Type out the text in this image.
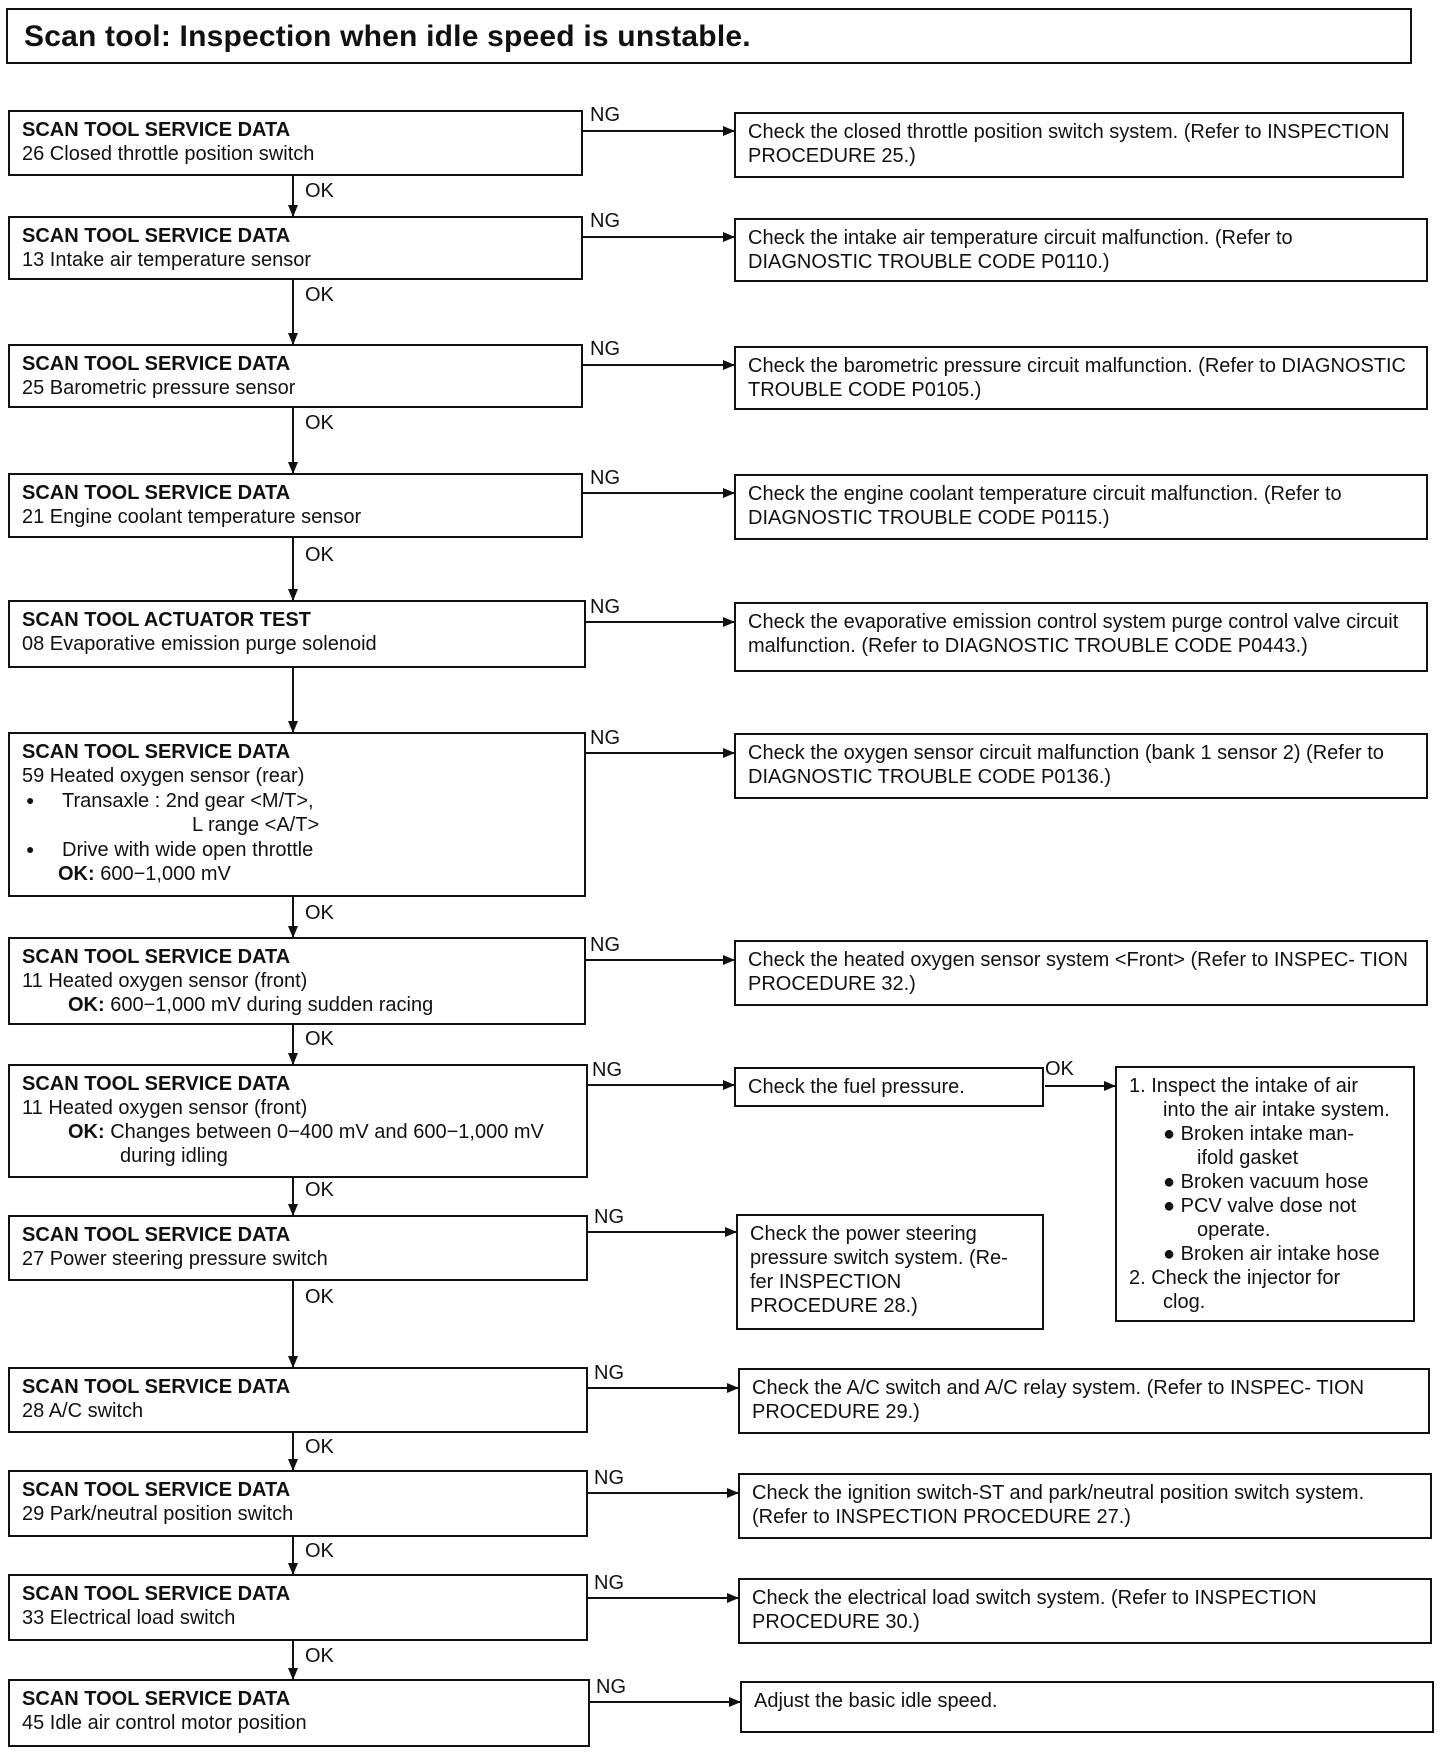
Scan tool: Inspection when idle speed is unstable.
SCAN TOOL SERVICE DATA
26 Closed throttle position switch
SCAN TOOL SERVICE DATA
13 Intake air temperature sensor
SCAN TOOL SERVICE DATA
25 Barometric pressure sensor
SCAN TOOL SERVICE DATA
21 Engine coolant temperature sensor
SCAN TOOL ACTUATOR TEST
08 Evaporative emission purge solenoid
SCAN TOOL SERVICE DATA
59 Heated oxygen sensor (rear)
● Transaxle : 2nd gear <M/T>,
L range <A/T>
● Drive with wide open throttle
OK: 600−1,000 mV
SCAN TOOL SERVICE DATA
11 Heated oxygen sensor (front)
OK: 600−1,000 mV during sudden racing
SCAN TOOL SERVICE DATA
11 Heated oxygen sensor (front)
OK: Changes between 0−400 mV and 600−1,000 mV
during idling
SCAN TOOL SERVICE DATA
27 Power steering pressure switch
SCAN TOOL SERVICE DATA
28 A/C switch
SCAN TOOL SERVICE DATA
29 Park/neutral position switch
SCAN TOOL SERVICE DATA
33 Electrical load switch
SCAN TOOL SERVICE DATA
45 Idle air control motor position
Check the closed throttle position switch system. (Refer to INSPECTION PROCEDURE 25.)
Check the intake air temperature circuit malfunction. (Refer to DIAGNOSTIC TROUBLE CODE P0110.)
Check the barometric pressure circuit malfunction. (Refer to DIAGNOSTIC TROUBLE CODE P0105.)
Check the engine coolant temperature circuit malfunction. (Refer to DIAGNOSTIC TROUBLE CODE P0115.)
Check the evaporative emission control system purge control valve circuit malfunction. (Refer to DIAGNOSTIC TROUBLE CODE P0443.)
Check the oxygen sensor circuit malfunction (bank 1 sensor 2) (Refer to DIAGNOSTIC TROUBLE CODE P0136.)
Check the heated oxygen sensor system <Front> (Refer to INSPEC- TION PROCEDURE 32.)
Check the fuel pressure.
Check the power steering pressure switch system. (Re- fer INSPECTION PROCEDURE 28.)
Check the A/C switch and A/C relay system. (Refer to INSPEC- TION PROCEDURE 29.)
Check the ignition switch-ST and park/neutral position switch system. (Refer to INSPECTION PROCEDURE 27.)
Check the electrical load switch system. (Refer to INSPECTION PROCEDURE 30.)
Adjust the basic idle speed.
1. Inspect the intake of air
into the air intake system.
● Broken intake man-
ifold gasket
● Broken vacuum hose
● PCV valve dose not
operate.
● Broken air intake hose
2. Check the injector for
clog.
NG
NG
NG
NG
NG
NG
NG
NG
NG
NG
NG
NG
NG
OK
OK
OK
OK
OK
OK
OK
OK
OK
OK
OK
OK
